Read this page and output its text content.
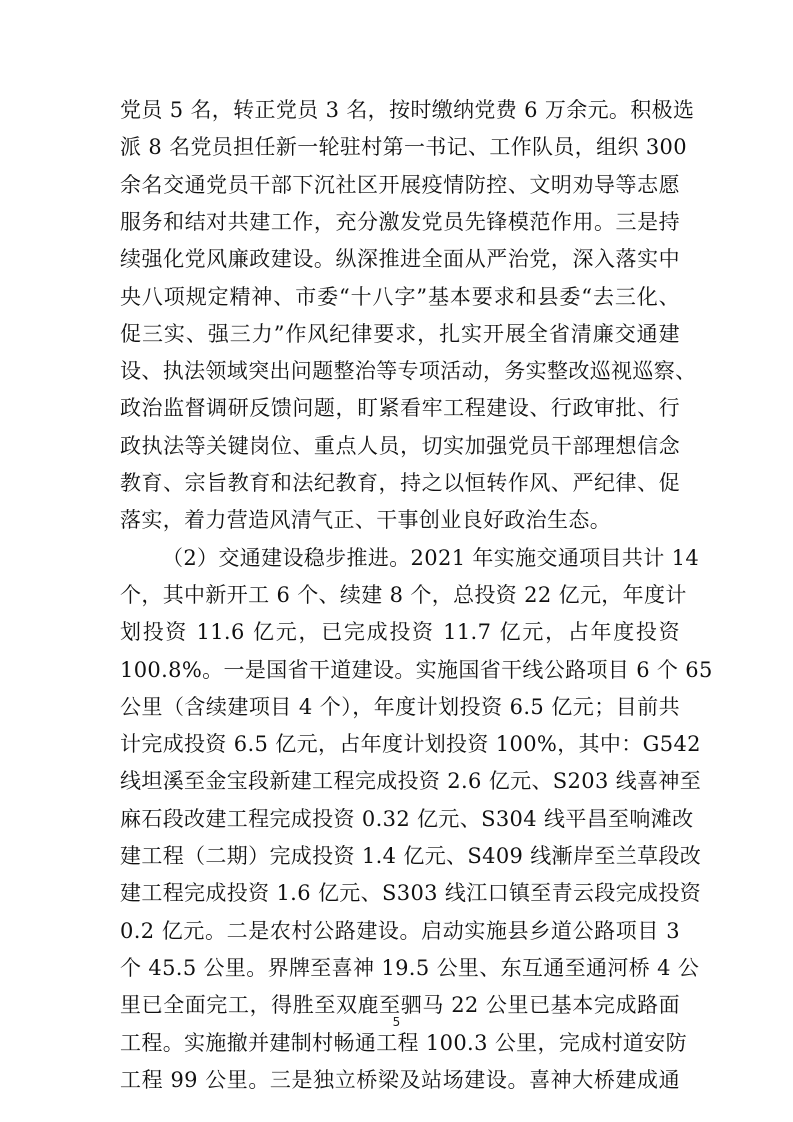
党员 5 名，转正党员 3 名，按时缴纳党费 6 万余元。积极选
派 8 名党员担任新一轮驻村第一书记、工作队员，组织 300
余名交通党员干部下沉社区开展疫情防控、文明劝导等志愿
服务和结对共建工作，充分激发党员先锋模范作用。三是持
续强化党风廉政建设。纵深推进全面从严治党，深入落实中
央八项规定精神、市委“十八字”基本要求和县委“去三化、
促三实、强三力”作风纪律要求，扎实开展全省清廉交通建
设、执法领域突出问题整治等专项活动，务实整改巡视巡察、
政治监督调研反馈问题，盯紧看牢工程建设、行政审批、行
政执法等关键岗位、重点人员，切实加强党员干部理想信念
教育、宗旨教育和法纪教育，持之以恒转作风、严纪律、促
落实，着力营造风清气正、干事创业良好政治生态。
（2）交通建设稳步推进。2021 年实施交通项目共计 14
个，其中新开工 6 个、续建 8 个，总投资 22 亿元，年度计
划投资 11.6 亿元，已完成投资 11.7 亿元，占年度投资
100.8%。一是国省干道建设。实施国省干线公路项目 6 个 65
公里（含续建项目 4 个），年度计划投资 6.5 亿元；目前共
计完成投资 6.5 亿元，占年度计划投资 100%，其中：G542
线坦溪至金宝段新建工程完成投资 2.6 亿元、S203 线喜神至
麻石段改建工程完成投资 0.32 亿元、S304 线平昌至响滩改
建工程（二期）完成投资 1.4 亿元、S409 线漸岸至兰草段改
建工程完成投资 1.6 亿元、S303 线江口镇至青云段完成投资
0.2 亿元。二是农村公路建设。启动实施县乡道公路项目 3
个 45.5 公里。界牌至喜神 19.5 公里、东互通至通河桥 4 公
里已全面完工，得胜至双鹿至驷马 22 公里已基本完成路面
工程。实施撤并建制村畅通工程 100.3 公里，完成村道安防
工程 99 公里。三是独立桥梁及站场建设。喜神大桥建成通
5
